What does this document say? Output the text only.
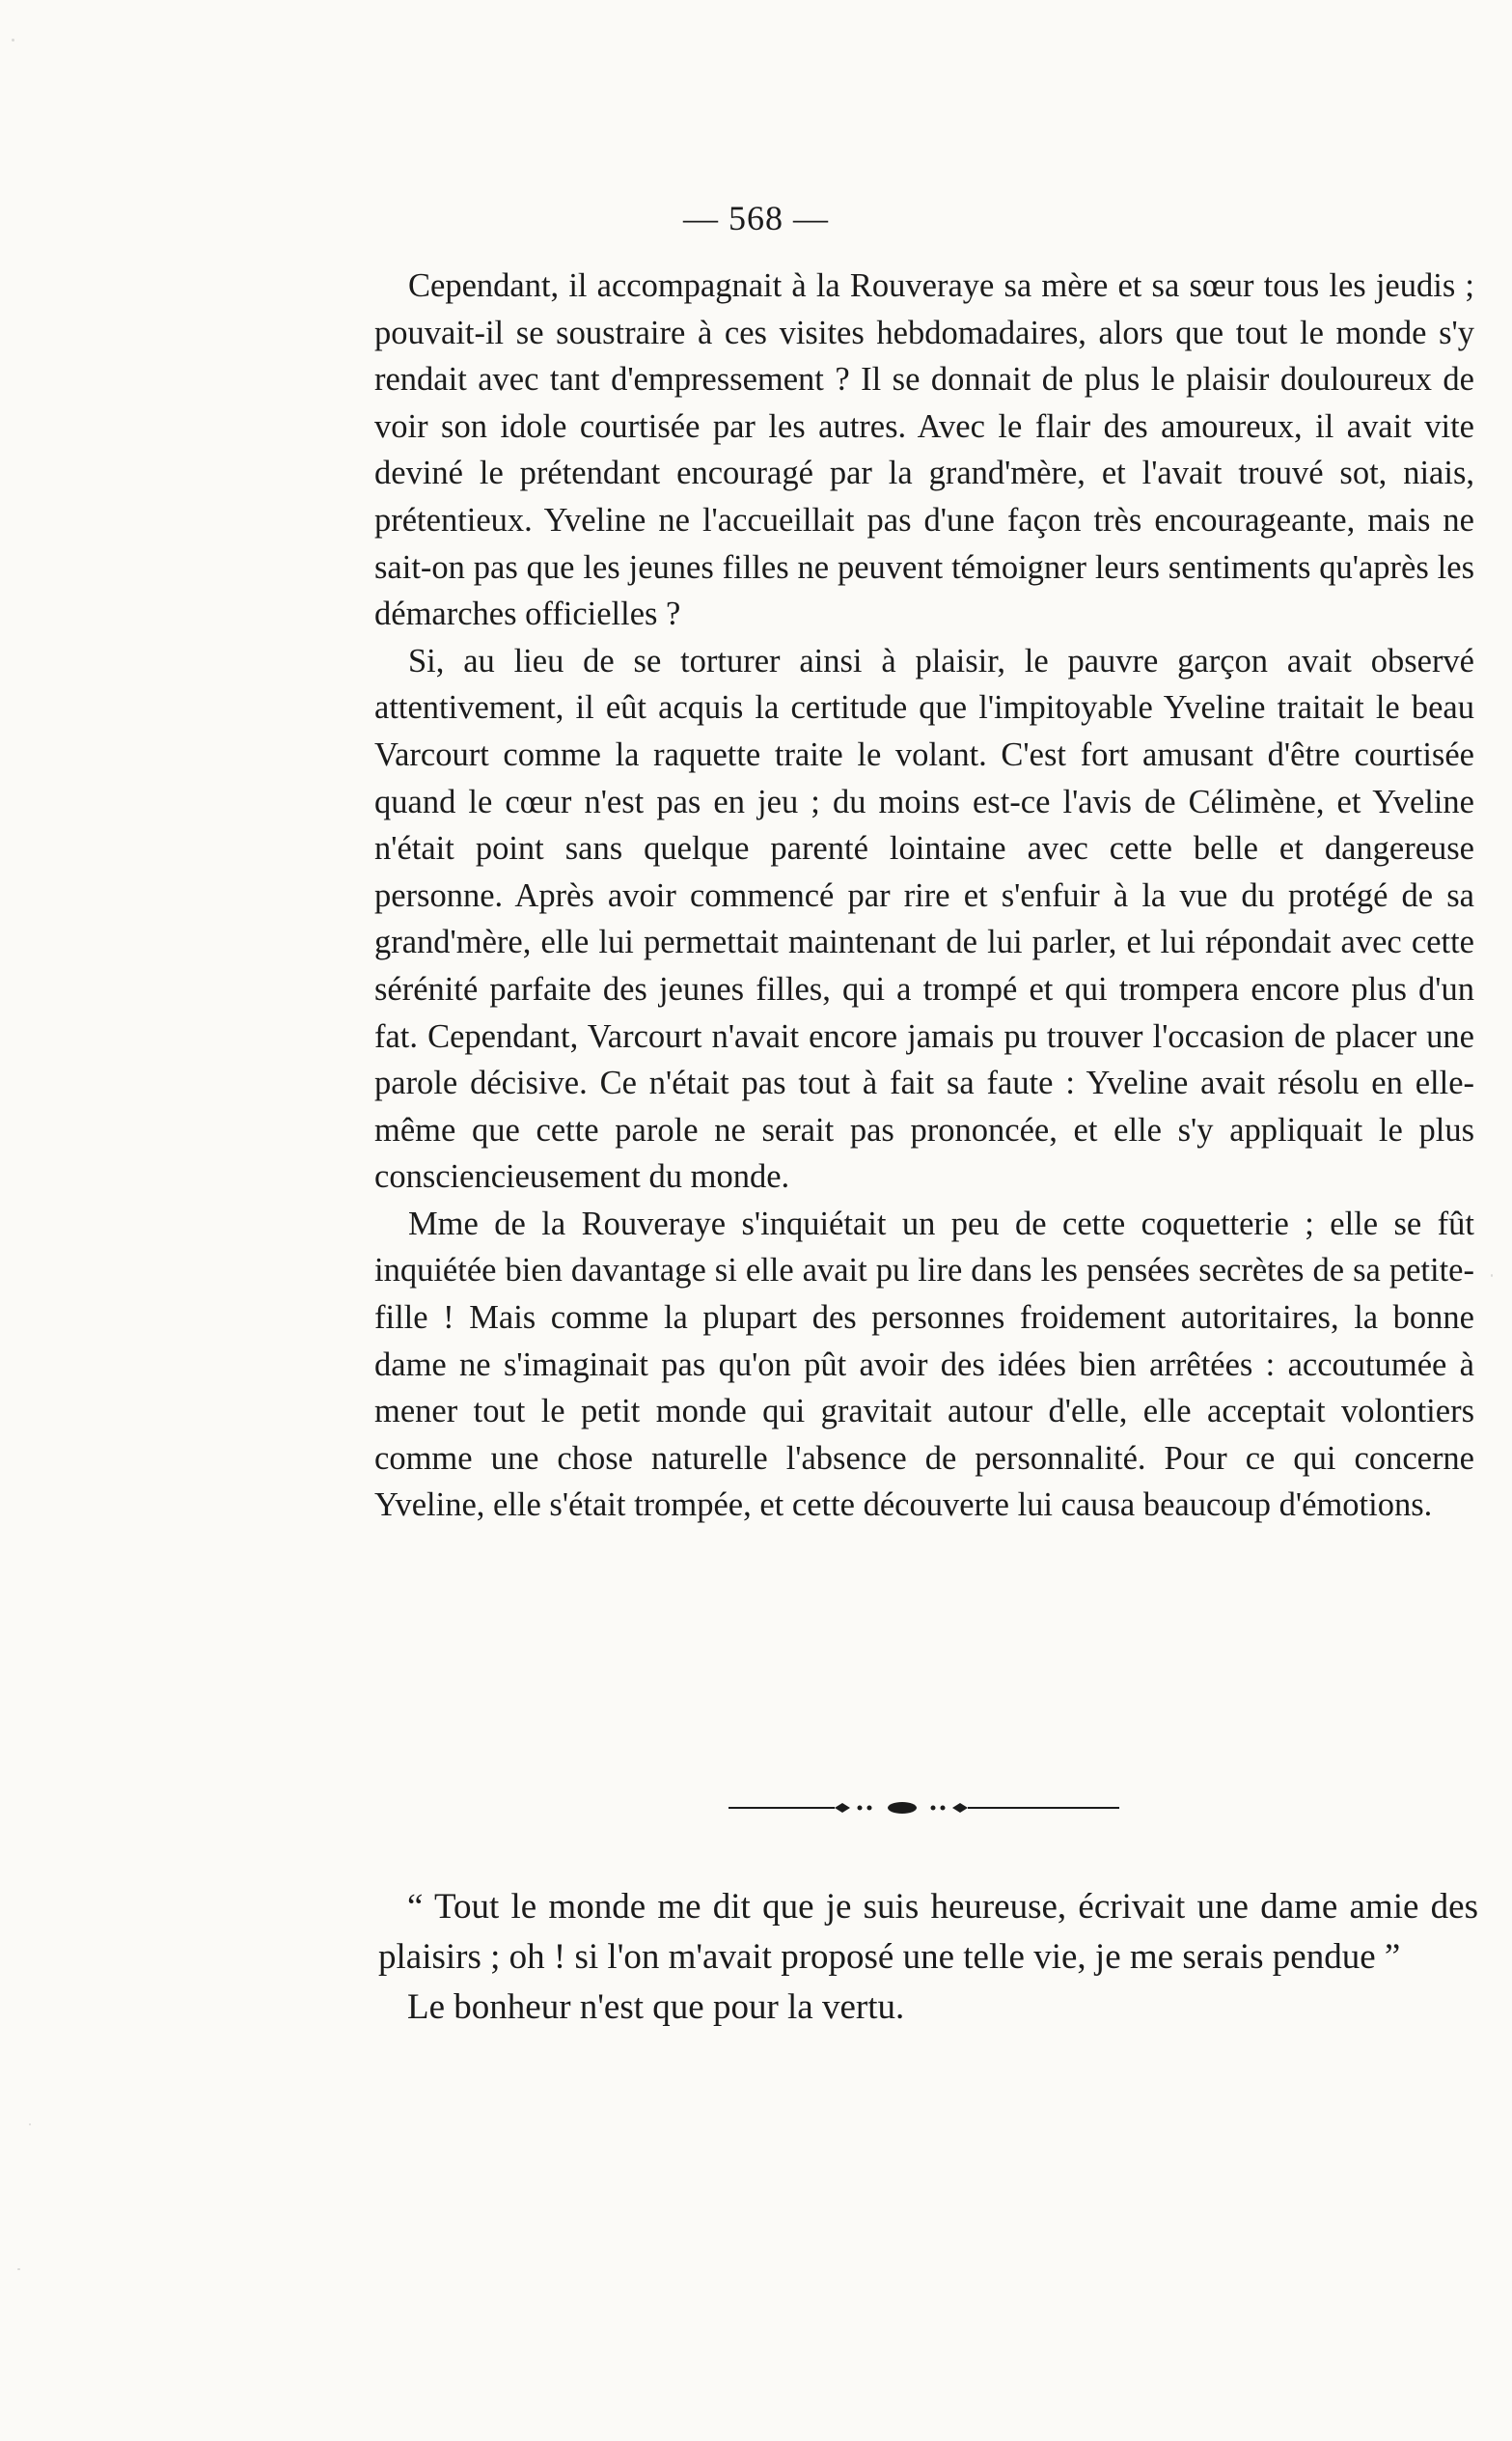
— 568 —

Cependant, il accompagnait à la Rouveraye sa mère et sa sœur tous les jeudis ; pouvait-il se soustraire à ces visites hebdomadaires, alors que tout le monde s'y rendait avec tant d'empressement ? Il se donnait de plus le plaisir douloureux de voir son idole courtisée par les autres. Avec le flair des amoureux, il avait vite deviné le prétendant encouragé par la grand'mère, et l'avait trouvé sot, niais, prétentieux. Yveline ne l'accueillait pas d'une façon très encourageante, mais ne sait-on pas que les jeunes filles ne peuvent témoigner leurs sentiments qu'après les démarches officielles ?

Si, au lieu de se torturer ainsi à plaisir, le pauvre garçon avait observé attentivement, il eût acquis la certitude que l'impitoyable Yveline traitait le beau Varcourt comme la raquette traite le volant. C'est fort amusant d'être courtisée quand le cœur n'est pas en jeu ; du moins est-ce l'avis de Célimène, et Yveline n'était point sans quelque parenté lointaine avec cette belle et dangereuse personne. Après avoir commencé par rire et s'enfuir à la vue du protégé de sa grand'mère, elle lui permettait maintenant de lui parler, et lui répondait avec cette sérénité parfaite des jeunes filles, qui a trompé et qui trompera encore plus d'un fat. Cependant, Varcourt n'avait encore jamais pu trouver l'occasion de placer une parole décisive. Ce n'était pas tout à fait sa faute : Yveline avait résolu en elle-même que cette parole ne serait pas prononcée, et elle s'y appliquait le plus consciencieusement du monde.

Mme de la Rouveraye s'inquiétait un peu de cette coquetterie ; elle se fût inquiétée bien davantage si elle avait pu lire dans les pensées secrètes de sa petite-fille ! Mais comme la plupart des personnes froidement autoritaires, la bonne dame ne s'imaginait pas qu'on pût avoir des idées bien arrêtées : accoutumée à mener tout le petit monde qui gravitait autour d'elle, elle acceptait volontiers comme une chose naturelle l'absence de personnalité. Pour ce qui concerne Yveline, elle s'était trompée, et cette découverte lui causa beaucoup d'émotions.

“ Tout le monde me dit que je suis heureuse, écrivait une dame amie des plaisirs ; oh ! si l'on m'avait proposé une telle vie, je me serais pendue ”

Le bonheur n'est que pour la vertu.
